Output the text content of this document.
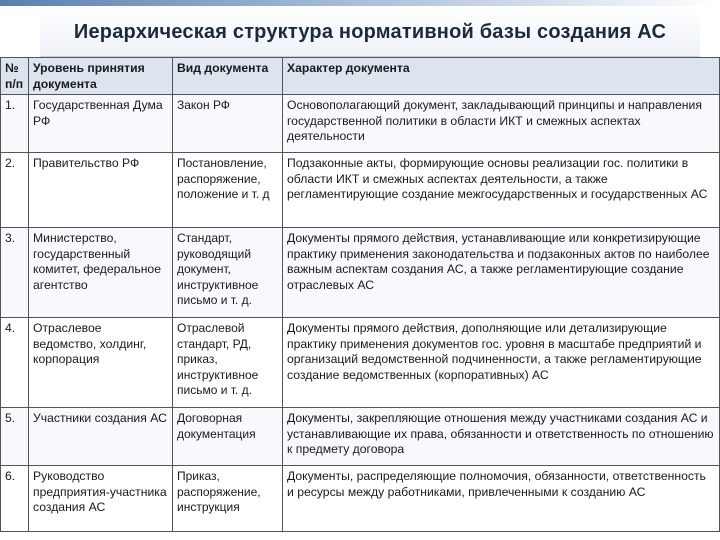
Иерархическая структура нормативной базы создания АС
№ п/п	Уровень принятия документа	Вид документа	Характер документа
1.	Государственная Дума РФ	Закон РФ	Основополагающий документ, закладывающий принципы и направления государственной политики в области ИКТ и смежных аспектах деятельности
2.	Правительство РФ	Постановление, распоряжение, положение и т. д	Подзаконные акты, формирующие основы реализации гос. политики в области ИКТ и смежных аспектах деятельности, а также регламентирующие создание межгосударственных и государственных АС
3.	Министерство, государственный комитет, федеральное агентство	Стандарт, руководящий документ, инструктивное письмо и т. д.	Документы прямого действия, устанавливающие или конкретизирующие практику применения законодательства и подзаконных актов по наиболее важным аспектам создания АС, а также регламентирующие создание отраслевых АС
4.	Отраслевое ведомство, холдинг, корпорация	Отраслевой стандарт, РД, приказ, инструктивное письмо и т. д.	Документы прямого действия, дополняющие или детализирующие практику применения документов гос. уровня в масштабе предприятий и организаций ведомственной подчиненности, а также регламентирующие создание ведомственных (корпоративных) АС
5.	Участники создания АС	Договорная документация	Документы, закрепляющие отношения между участниками создания АС и устанавливающие их права, обязанности и ответственность по отношению к предмету договора
6.	Руководство предприятия-участника создания АС	Приказ, распоряжение, инструкция	Документы, распределяющие полномочия, обязанности, ответственность и ресурсы между работниками, привлеченными к созданию АС
